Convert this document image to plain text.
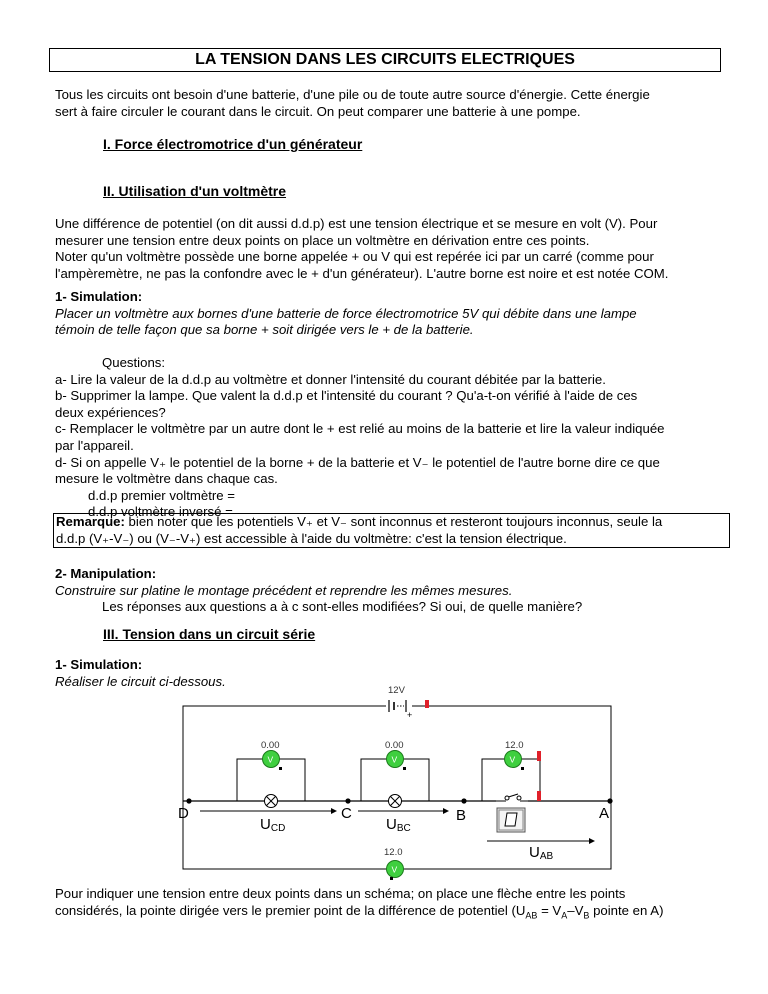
LA TENSION DANS LES CIRCUITS ELECTRIQUES
Tous les circuits ont besoin d'une batterie, d'une pile ou de toute autre source d'énergie. Cette énergie
sert à faire circuler le courant dans le circuit. On peut comparer une batterie à une pompe.
I. Force électromotrice d'un générateur
II. Utilisation d'un voltmètre
Une différence de potentiel (on dit aussi d.d.p) est une tension électrique et se mesure en volt (V). Pour
mesurer une tension entre deux points on place un voltmètre en dérivation entre ces points.
Noter qu'un voltmètre possède une borne appelée + ou V qui est repérée ici par un carré (comme pour
l'ampèremètre, ne pas la confondre avec le + d'un générateur). L'autre borne est noire et est notée COM.
1- Simulation:
Placer un voltmètre aux bornes d'une batterie de force électromotrice 5V qui débite dans une lampe
témoin de telle façon que sa borne + soit dirigée vers le + de la batterie.
Questions:
a- Lire la valeur de la d.d.p au voltmètre et donner l'intensité du courant débitée par la batterie.
b- Supprimer la lampe. Que valent la d.d.p et l'intensité du courant ? Qu'a-t-on vérifié à l'aide de ces
deux expériences?
c- Remplacer le voltmètre par un autre dont le + est relié au moins de la batterie et lire la valeur indiquée
par l'appareil.
d- Si on appelle V₊ le potentiel de la borne + de la batterie et V₋ le potentiel de l'autre borne dire ce que
mesure le voltmètre dans chaque cas.
d.d.p premier voltmètre =
d.d.p voltmètre inversé =
Remarque: bien noter que les potentiels V₊ et V₋ sont inconnus et resteront toujours inconnus, seule la
d.d.p (V₊-V₋) ou (V₋-V₊) est accessible à l'aide du voltmètre: c'est la tension électrique.
2- Manipulation:
Construire sur platine le montage précédent et reprendre les mêmes mesures.
Les réponses aux questions a à c sont-elles modifiées? Si oui, de quelle manière?
III. Tension dans un circuit série
1- Simulation:
Réaliser le circuit ci-dessous.
+
12V
0.00
V
0.00
V
12.0
V
12.0
V
D	C	B	A
UCD	UBC
UAB
Pour indiquer une tension entre deux points dans un schéma; on place une flèche entre les points
considérés, la pointe dirigée vers le premier point de la différence de potentiel ($U_{AB} = V_A-V_B$ pointe en A)
